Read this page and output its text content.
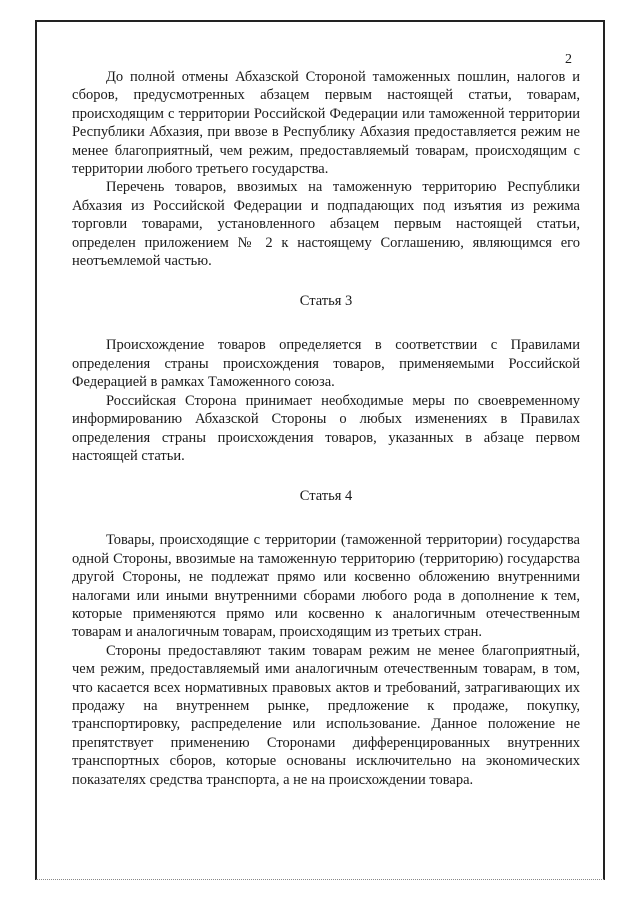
2

До полной отмены Абхазской Стороной таможенных пошлин, налогов и сборов, предусмотренных абзацем первым настоящей статьи, товарам, происходящим с территории Российской Федерации или таможенной территории Республики Абхазия, при ввозе в Республику Абхазия предоставляется режим не менее благоприятный, чем режим, предоставляемый товарам, происходящим с территории любого третьего государства.

Перечень товаров, ввозимых на таможенную территорию Республики Абхазия из Российской Федерации и подпадающих под изъятия из режима торговли товарами, установленного абзацем первым настоящей статьи, определен приложением № 2 к настоящему Соглашению, являющимся его неотъемлемой частью.

Статья 3

Происхождение товаров определяется в соответствии с Правилами определения страны происхождения товаров, применяемыми Российской Федерацией в рамках Таможенного союза.

Российская Сторона принимает необходимые меры по своевременному информированию Абхазской Стороны о любых изменениях в Правилах определения страны происхождения товаров, указанных в абзаце первом настоящей статьи.

Статья 4

Товары, происходящие с территории (таможенной территории) государства одной Стороны, ввозимые на таможенную территорию (территорию) государства другой Стороны, не подлежат прямо или косвенно обложению внутренними налогами или иными внутренними сборами любого рода в дополнение к тем, которые применяются прямо или косвенно к аналогичным отечественным товарам и аналогичным товарам, происходящим из третьих стран.

Стороны предоставляют таким товарам режим не менее благоприятный, чем режим, предоставляемый ими аналогичным отечественным товарам, в том, что касается всех нормативных правовых актов и требований, затрагивающих их продажу на внутреннем рынке, предложение к продаже, покупку, транспортировку, распределение или использование. Данное положение не препятствует применению Сторонами дифференцированных внутренних транспортных сборов, которые основаны исключительно на экономических показателях средства транспорта, а не на происхождении товара.
